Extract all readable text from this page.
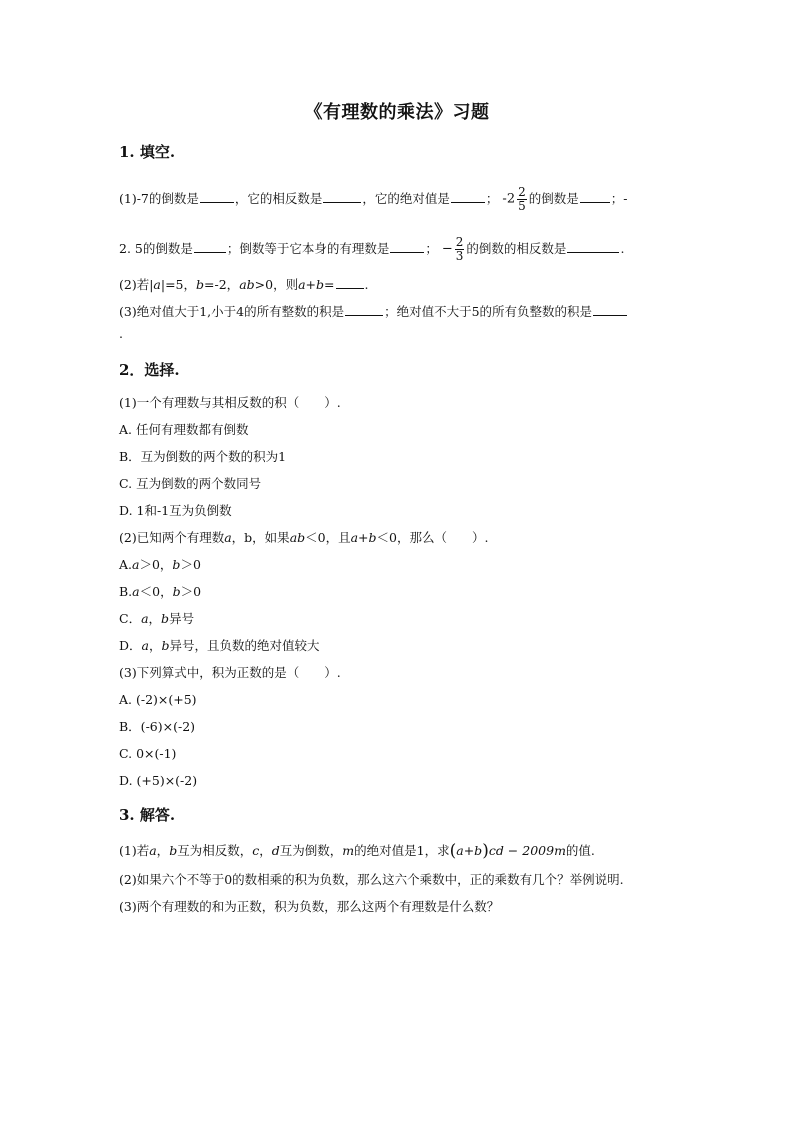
《有理数的乘法》习题
1. 填空.
(1)-7的倒数是	，它的相反数是	，它的绝对值是	； $-2 \frac{2}{5}$ 的倒数是	；-
2. 5的倒数是	；倒数等于它本身的有理数是	； − $\frac{2}{3}$ 的倒数的相反数是	.
(2)若|a|=5，b=-2，ab>0，则a+b= .
(3)绝对值大于1,小于4的所有整数的积是	；绝对值不大于5的所有负整数的积是
.
2．选择.
(1)一个有理数与其相反数的积（　　）.
A. 任何有理数都有倒数
B．互为倒数的两个数的积为1
C. 互为倒数的两个数同号
D. 1和-1互为负倒数
(2)已知两个有理数a，b，如果ab＜0，且a+b＜0，那么（　　）.
A.a＞0，b＞0
B.a＜0，b＞0
C．a，b异号
D．a，b异号，且负数的绝对值较大
(3)下列算式中，积为正数的是（　　）.
A. (-2)×(+5)
B．(-6)×(-2)
C. 0×(-1)
D. (+5)×(-2)
3. 解答.
(1)若a，b互为相反数，c，d互为倒数，m的绝对值是1，求(a+b)cd − 2009m的值.
(2)如果六个不等于0的数相乘的积为负数，那么这六个乘数中，正的乘数有几个？举例说明.
(3)两个有理数的和为正数，积为负数，那么这两个有理数是什么数？
